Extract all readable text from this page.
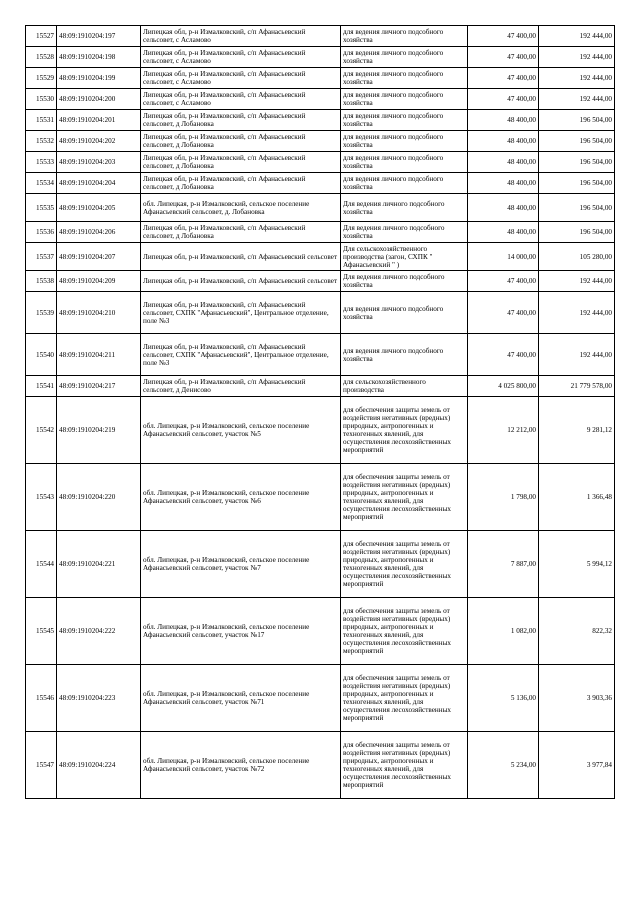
15527	48:09:1910204:197	Липецкая обл, р-н Измалковский, с/п Афанасьевский сельсовет, с Асламово	для ведения личного подсобного хозяйства	47 400,00	192 444,00
15528	48:09:1910204:198	Липецкая обл, р-н Измалковский, с/п Афанасьевский сельсовет, с Асламово	для ведения личного подсобного хозяйства	47 400,00	192 444,00
15529	48:09:1910204:199	Липецкая обл, р-н Измалковский, с/п Афанасьевский сельсовет, с Асламово	для ведения личного подсобного хозяйства	47 400,00	192 444,00
15530	48:09:1910204:200	Липецкая обл, р-н Измалковский, с/п Афанасьевский сельсовет, с Асламово	для ведения личного подсобного хозяйства	47 400,00	192 444,00
15531	48:09:1910204:201	Липецкая обл, р-н Измалковский, с/п Афанасьевский сельсовет, д Лобановка	для ведения личного подсобного хозяйства	48 400,00	196 504,00
15532	48:09:1910204:202	Липецкая обл, р-н Измалковский, с/п Афанасьевский сельсовет, д Лобановка	для ведения личного подсобного хозяйства	48 400,00	196 504,00
15533	48:09:1910204:203	Липецкая обл, р-н Измалковский, с/п Афанасьевский сельсовет, д Лобановка	для ведения личного подсобного хозяйства	48 400,00	196 504,00
15534	48:09:1910204:204	Липецкая обл, р-н Измалковский, с/п Афанасьевский сельсовет, д Лобановка	для ведения личного подсобного хозяйства	48 400,00	196 504,00
15535	48:09:1910204:205	обл. Липецкая, р-н Измалковский, сельское поселение Афанасьевский сельсовет, д. Лобановка	Для ведения личного подсобного хозяйства	48 400,00	196 504,00
15536	48:09:1910204:206	Липецкая обл, р-н Измалковский, с/п Афанасьевский сельсовет, д Лобановка	Для ведения личного подсобного хозяйства	48 400,00	196 504,00
15537	48:09:1910204:207	Липецкая обл, р-н Измалковский, с/п Афанасьевский сельсовет	Для сельскохозяйственного производства (загон, СХПК " Афанасьевский " )	14 000,00	105 280,00
15538	48:09:1910204:209	Липецкая обл, р-н Измалковский, с/п Афанасьевский сельсовет	Для ведения личного подсобного хозяйства	47 400,00	192 444,00
15539	48:09:1910204:210	Липецкая обл, р-н Измалковский, с/п Афанасьевский сельсовет, СХПК "Афанасьевский", Центральное отделение, поле №3	для ведения личного подсобного хозяйства	47 400,00	192 444,00
15540	48:09:1910204:211	Липецкая обл, р-н Измалковский, с/п Афанасьевский сельсовет, СХПК "Афанасьевский", Центральное отделение, поле №3	для ведения личного подсобного хозяйства	47 400,00	192 444,00
15541	48:09:1910204:217	Липецкая обл, р-н Измалковский, с/п Афанасьевский сельсовет, д Денисово	для сельскохозяйственного производства	4 025 800,00	21 779 578,00
15542	48:09:1910204:219	обл. Липецкая, р-н Измалковский, сельское поселение Афанасьевский сельсовет, участок №5	для обеспечения защиты земель от воздействия негативных (вредных) природных, антропогенных и техногенных явлений, для осуществления лесохозяйственных мероприятий	12 212,00	9 281,12
15543	48:09:1910204:220	обл. Липецкая, р-н Измалковский, сельское поселение Афанасьевский сельсовет, участок №6	для обеспечения защиты земель от воздействия негативных (вредных) природных, антропогенных и техногенных явлений, для осуществления лесохозяйственных мероприятий	1 798,00	1 366,48
15544	48:09:1910204:221	обл. Липецкая, р-н Измалковский, сельское поселение Афанасьевский сельсовет, участок №7	для обеспечения защиты земель от воздействия негативных (вредных) природных, антропогенных и техногенных явлений, для осуществления лесохозяйственных мероприятий	7 887,00	5 994,12
15545	48:09:1910204:222	обл. Липецкая, р-н Измалковский, сельское поселение Афанасьевский сельсовет, участок №17	для обеспечения защиты земель от воздействия негативных (вредных) природных, антропогенных и техногенных явлений, для осуществления лесохозяйственных мероприятий	1 082,00	822,32
15546	48:09:1910204:223	обл. Липецкая, р-н Измалковский, сельское поселение Афанасьевский сельсовет, участок №71	для обеспечения защиты земель от воздействия негативных (вредных) природных, антропогенных и техногенных явлений, для осуществления лесохозяйственных мероприятий	5 136,00	3 903,36
15547	48:09:1910204:224	обл. Липецкая, р-н Измалковский, сельское поселение Афанасьевский сельсовет, участок №72	для обеспечения защиты земель от воздействия негативных (вредных) природных, антропогенных и техногенных явлений, для осуществления лесохозяйственных мероприятий	5 234,00	3 977,84
